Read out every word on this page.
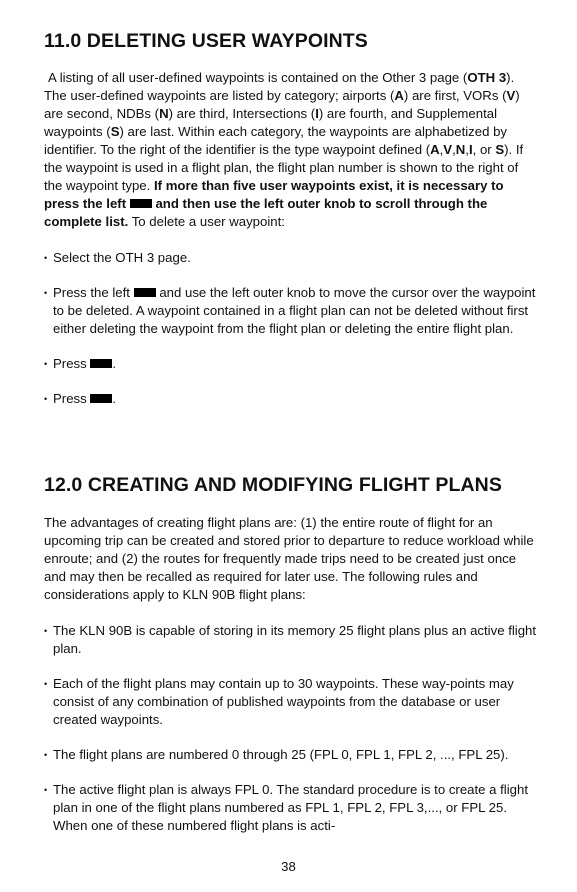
11.0 DELETING USER WAYPOINTS

A listing of all user-defined waypoints is contained on the Other 3 page (OTH 3). The user-defined waypoints are listed by category; airports (A) are first, VORs (V) are second, NDBs (N) are third, Intersections (I) are fourth, and Supplemental waypoints (S) are last. Within each category, the waypoints are alphabetized by identifier. To the right of the identifier is the type waypoint defined (A,V,N,I, or S). If the waypoint is used in a flight plan, the flight plan number is shown to the right of the waypoint type. If more than five user waypoints exist, it is necessary to press the left and then use the left outer knob to scroll through the complete list. To delete a user waypoint:

• Select the OTH 3 page.
• Press the left and use the left outer knob to move the cursor over the waypoint to be deleted. A waypoint contained in a flight plan can not be deleted without first either deleting the waypoint from the flight plan or deleting the entire flight plan.
• Press .
• Press .
12.0 CREATING AND MODIFYING FLIGHT PLANS

The advantages of creating flight plans are: (1) the entire route of flight for an upcoming trip can be created and stored prior to departure to reduce workload while enroute; and (2) the routes for frequently made trips need to be created just once and may then be recalled as required for later use. The following rules and considerations apply to KLN 90B flight plans:

• The KLN 90B is capable of storing in its memory 25 flight plans plus an active flight plan.
• Each of the flight plans may contain up to 30 waypoints. These way-points may consist of any combination of published waypoints from the database or user created waypoints.
• The flight plans are numbered 0 through 25 (FPL 0, FPL 1, FPL 2, ..., FPL 25).
• The active flight plan is always FPL 0. The standard procedure is to create a flight plan in one of the flight plans numbered as FPL 1, FPL 2, FPL 3,..., or FPL 25. When one of these numbered flight plans is acti-
38
